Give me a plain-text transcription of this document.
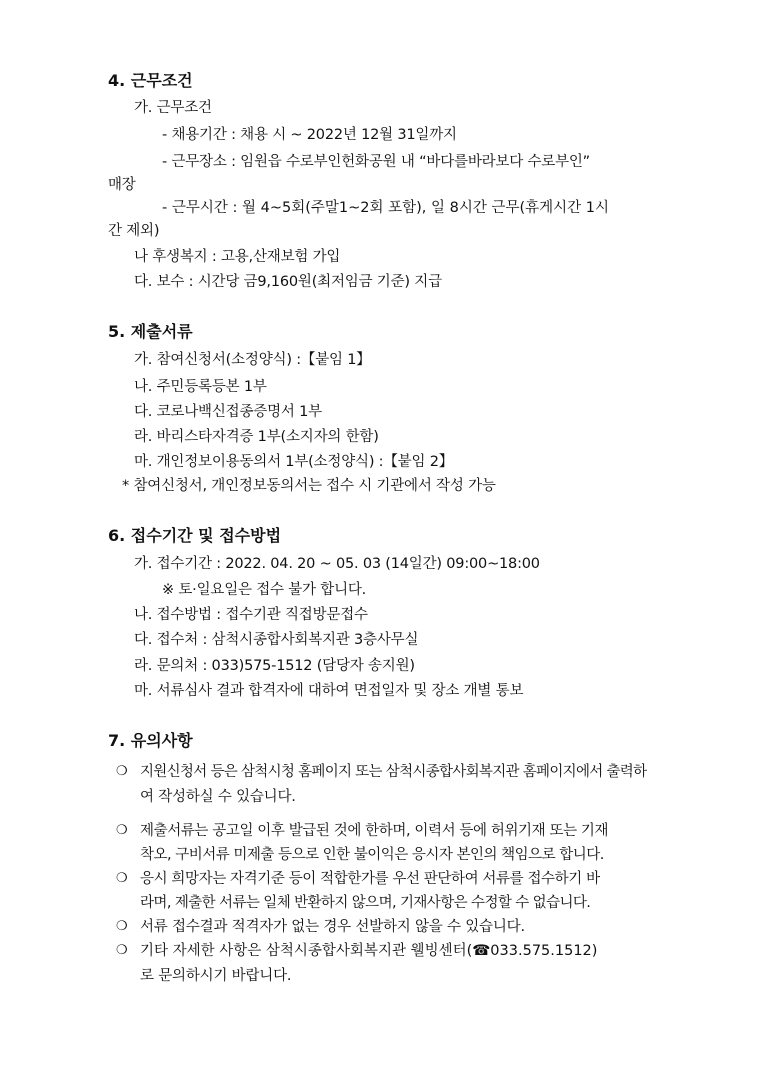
4. 근무조건
가. 근무조건
- 채용기간 : 채용 시 ~ 2022년 12월 31일까지
- 근무장소 : 임원읍 수로부인헌화공원 내 “바다를바라보다 수로부인”
매장
- 근무시간 : 월 4~5회(주말1~2회 포함), 일 8시간 근무(휴게시간 1시
간 제외)
나 후생복지 : 고용,산재보험 가입
다. 보수 : 시간당 금9,160원(최저임금 기준) 지급
5. 제출서류
가. 참여신청서(소정양식) :【붙임 1】
나. 주민등록등본 1부
다. 코로나백신접종증명서 1부
라. 바리스타자격증 1부(소지자의 한함)
마. 개인정보이용동의서 1부(소정양식) :【붙임 2】
* 참여신청서, 개인정보동의서는 접수 시 기관에서 작성 가능
6. 접수기간 및 접수방법
가. 접수기간 : 2022. 04. 20 ~ 05. 03 (14일간) 09:00~18:00
※ 토·일요일은 접수 불가 합니다.
나. 접수방법 : 접수기관 직접방문접수
다. 접수처 : 삼척시종합사회복지관 3층사무실
라. 문의처 : 033)575-1512 (담당자 송지원)
마. 서류심사 결과 합격자에 대하여 면접일자 및 장소 개별 통보
7. 유의사항
❍ 지원신청서 등은 삼척시청 홈페이지 또는 삼척시종합사회복지관 홈페이지에서 출력하
여 작성하실 수 있습니다.
❍ 제출서류는 공고일 이후 발급된 것에 한하며, 이력서 등에 허위기재 또는 기재
착오, 구비서류 미제출 등으로 인한 불이익은 응시자 본인의 책임으로 합니다.
❍ 응시 희망자는 자격기준 등이 적합한가를 우선 판단하여 서류를 접수하기 바
라며, 제출한 서류는 일체 반환하지 않으며, 기재사항은 수정할 수 없습니다.
❍ 서류 접수결과 적격자가 없는 경우 선발하지 않을 수 있습니다.
❍ 기타 자세한 사항은 삼척시종합사회복지관 웰빙센터(☎033.575.1512)
로 문의하시기 바랍니다.
